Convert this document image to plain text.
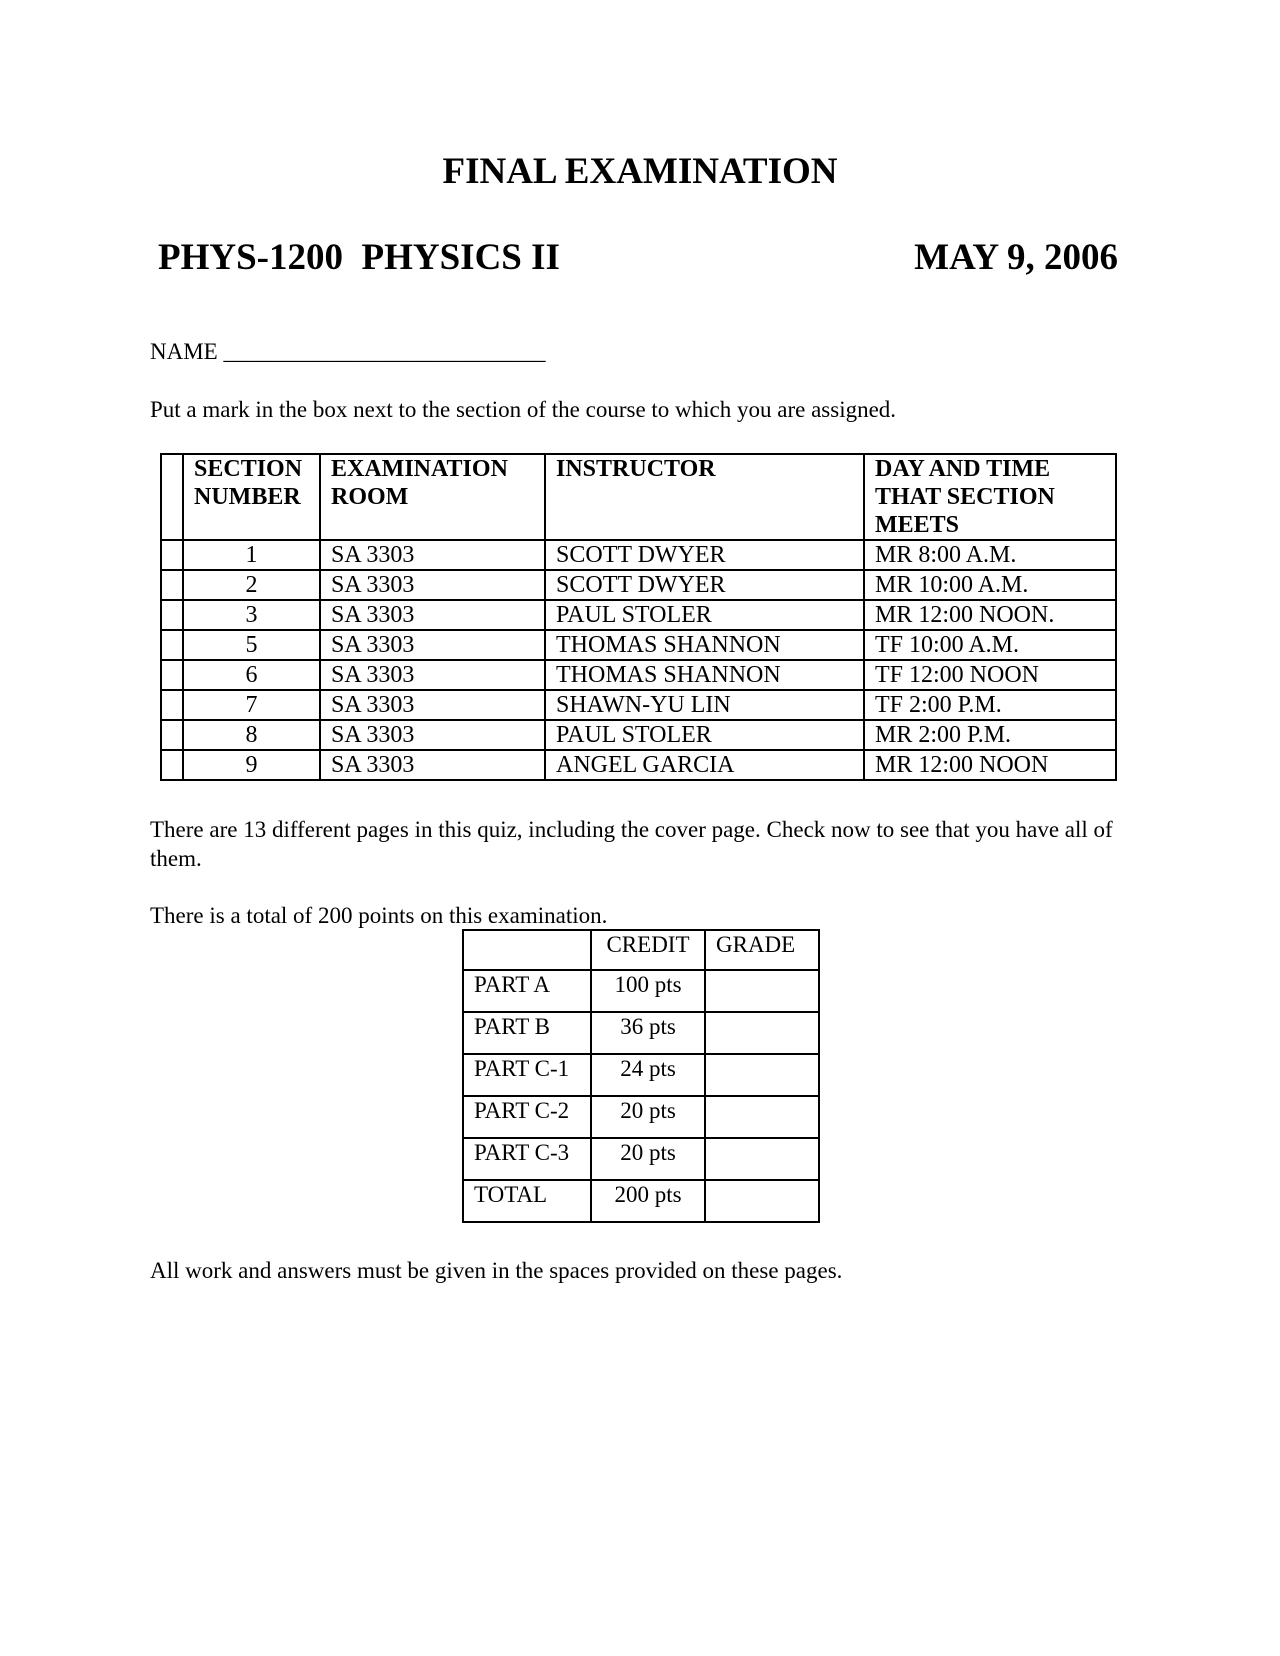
FINAL EXAMINATION
PHYS-1200  PHYSICS II	MAY 9, 2006
NAME ____________________________
Put a mark in the box next to the section of the course to which you are assigned.
	SECTION NUMBER	EXAMINATION ROOM	INSTRUCTOR	DAY AND TIME THAT SECTION MEETS
	1	SA 3303	SCOTT DWYER	MR 8:00 A.M.
	2	SA 3303	SCOTT DWYER	MR 10:00 A.M.
	3	SA 3303	PAUL STOLER	MR 12:00 NOON.
	5	SA 3303	THOMAS SHANNON	TF 10:00 A.M.
	6	SA 3303	THOMAS SHANNON	TF 12:00 NOON
	7	SA 3303	SHAWN-YU LIN	TF 2:00 P.M.
	8	SA 3303	PAUL STOLER	MR 2:00 P.M.
	9	SA 3303	ANGEL GARCIA	MR 12:00 NOON
There are 13 different pages in this quiz, including the cover page. Check now to see that you have all of them.
There is a total of 200 points on this examination.
	CREDIT	GRADE
PART A	100 pts	
PART B	36 pts	
PART C-1	24 pts	
PART C-2	20 pts	
PART C-3	20 pts	
TOTAL	200 pts	
All work and answers must be given in the spaces provided on these pages.
